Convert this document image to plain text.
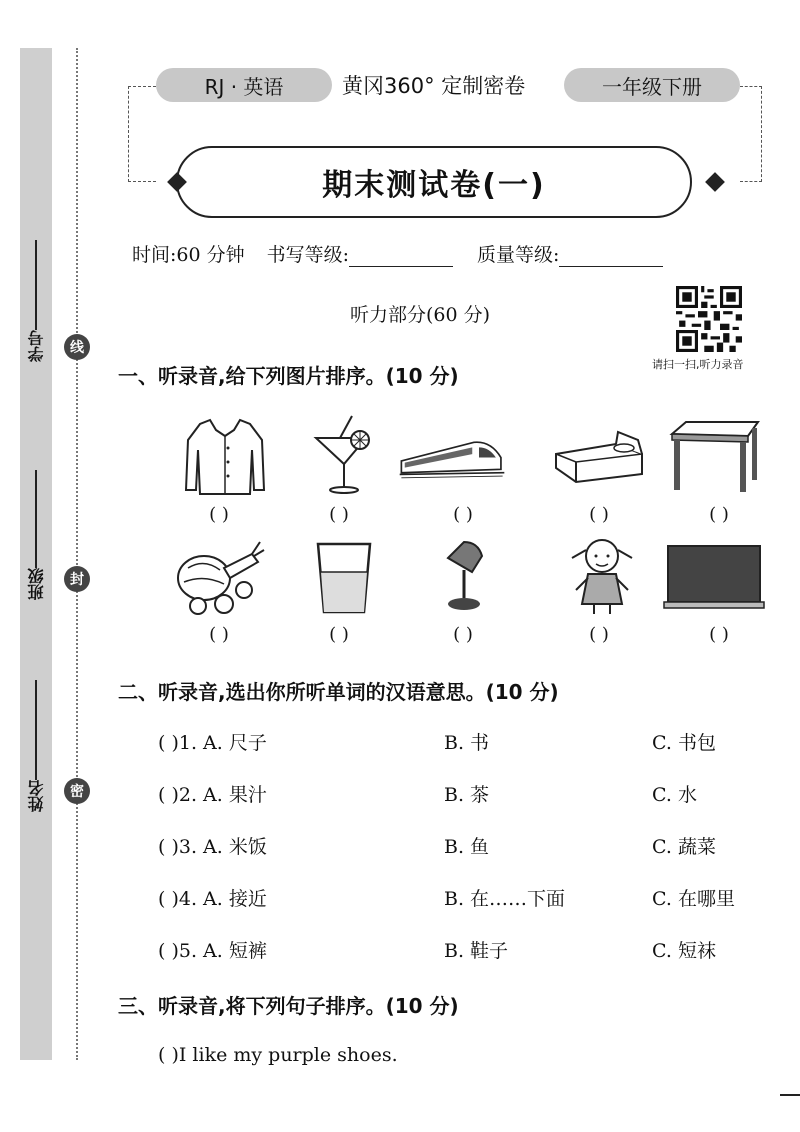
学号
班级
姓名
线
封
密
RJ · 英语	黄冈360° 定制密卷	一年级下册
期末测试卷(一)
时间:60 分钟 书写等级:	质量等级:
听力部分(60 分)
请扫一扫,听力录音
一、听录音,给下列图片排序。(10 分)
( )	( )	( )	( )	( )
( )	( )	( )	( )	( )
二、听录音,选出你所听单词的汉语意思。(10 分)
( )1. A. 尺子	B. 书	C. 书包
( )2. A. 果汁	B. 茶	C. 水
( )3. A. 米饭	B. 鱼	C. 蔬菜
( )4. A. 接近	B. 在……下面	C. 在哪里
( )5. A. 短裤	B. 鞋子	C. 短袜
三、听录音,将下列句子排序。(10 分)
( )I like my purple shoes.
